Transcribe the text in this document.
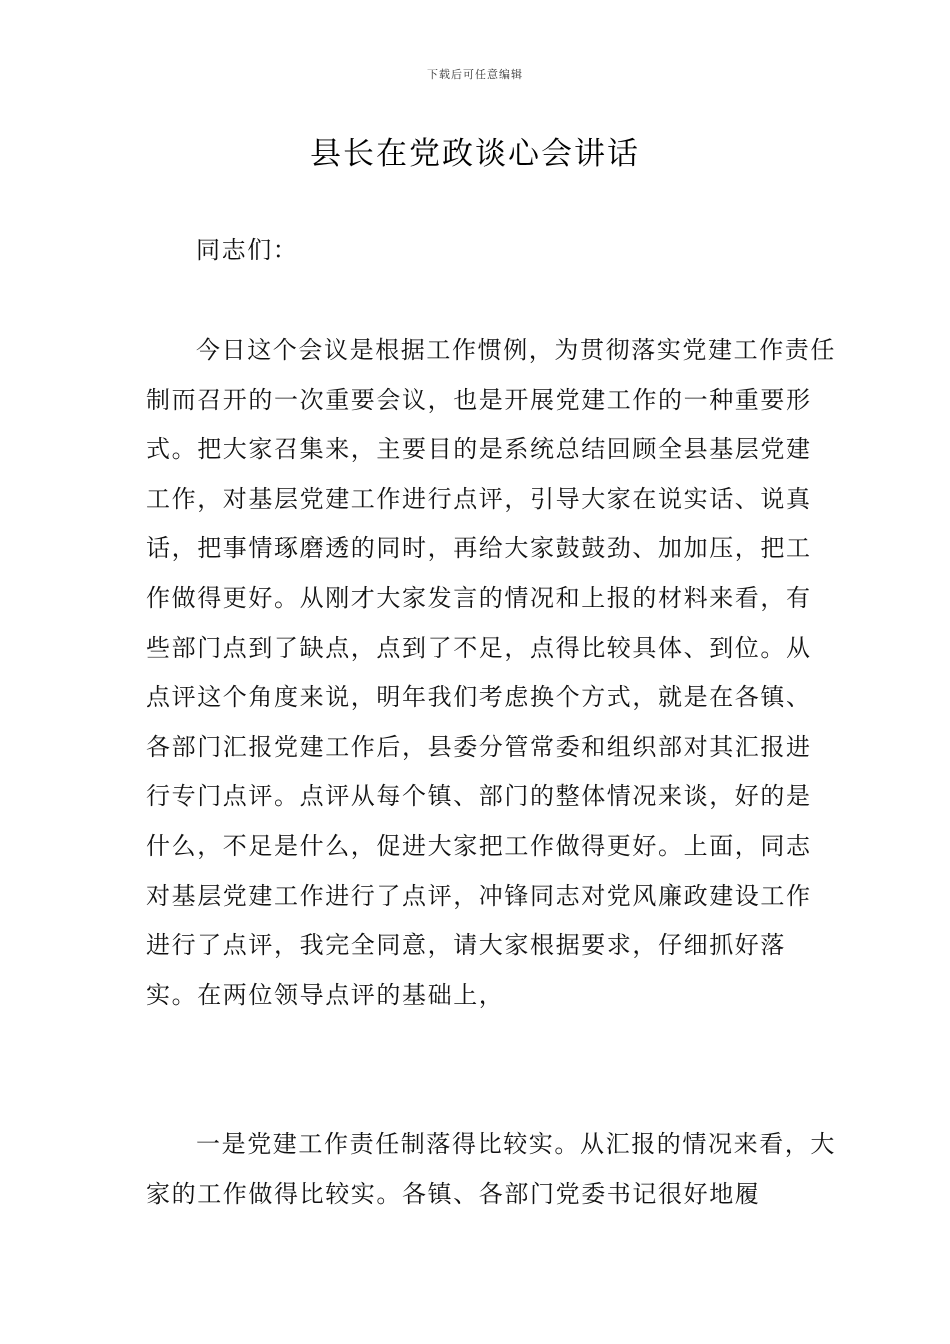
下载后可任意编辑
县长在党政谈心会讲话

同志们：

今日这个会议是根据工作惯例，为贯彻落实党建工作责任制而召开的一次重要会议，也是开展党建工作的一种重要形式。把大家召集来，主要目的是系统总结回顾全县基层党建工作，对基层党建工作进行点评，引导大家在说实话、说真话，把事情琢磨透的同时，再给大家鼓鼓劲、加加压，把工作做得更好。从刚才大家发言的情况和上报的材料来看，有些部门点到了缺点，点到了不足，点得比较具体、到位。从点评这个角度来说，明年我们考虑换个方式，就是在各镇、各部门汇报党建工作后，县委分管常委和组织部对其汇报进行专门点评。点评从每个镇、部门的整体情况来谈，好的是什么，不足是什么，促进大家把工作做得更好。上面，同志对基层党建工作进行了点评，冲锋同志对党风廉政建设工作进行了点评，我完全同意，请大家根据要求，仔细抓好落实。在两位领导点评的基础上，

一是党建工作责任制落得比较实。从汇报的情况来看，大家的工作做得比较实。各镇、各部门党委书记很好地履
